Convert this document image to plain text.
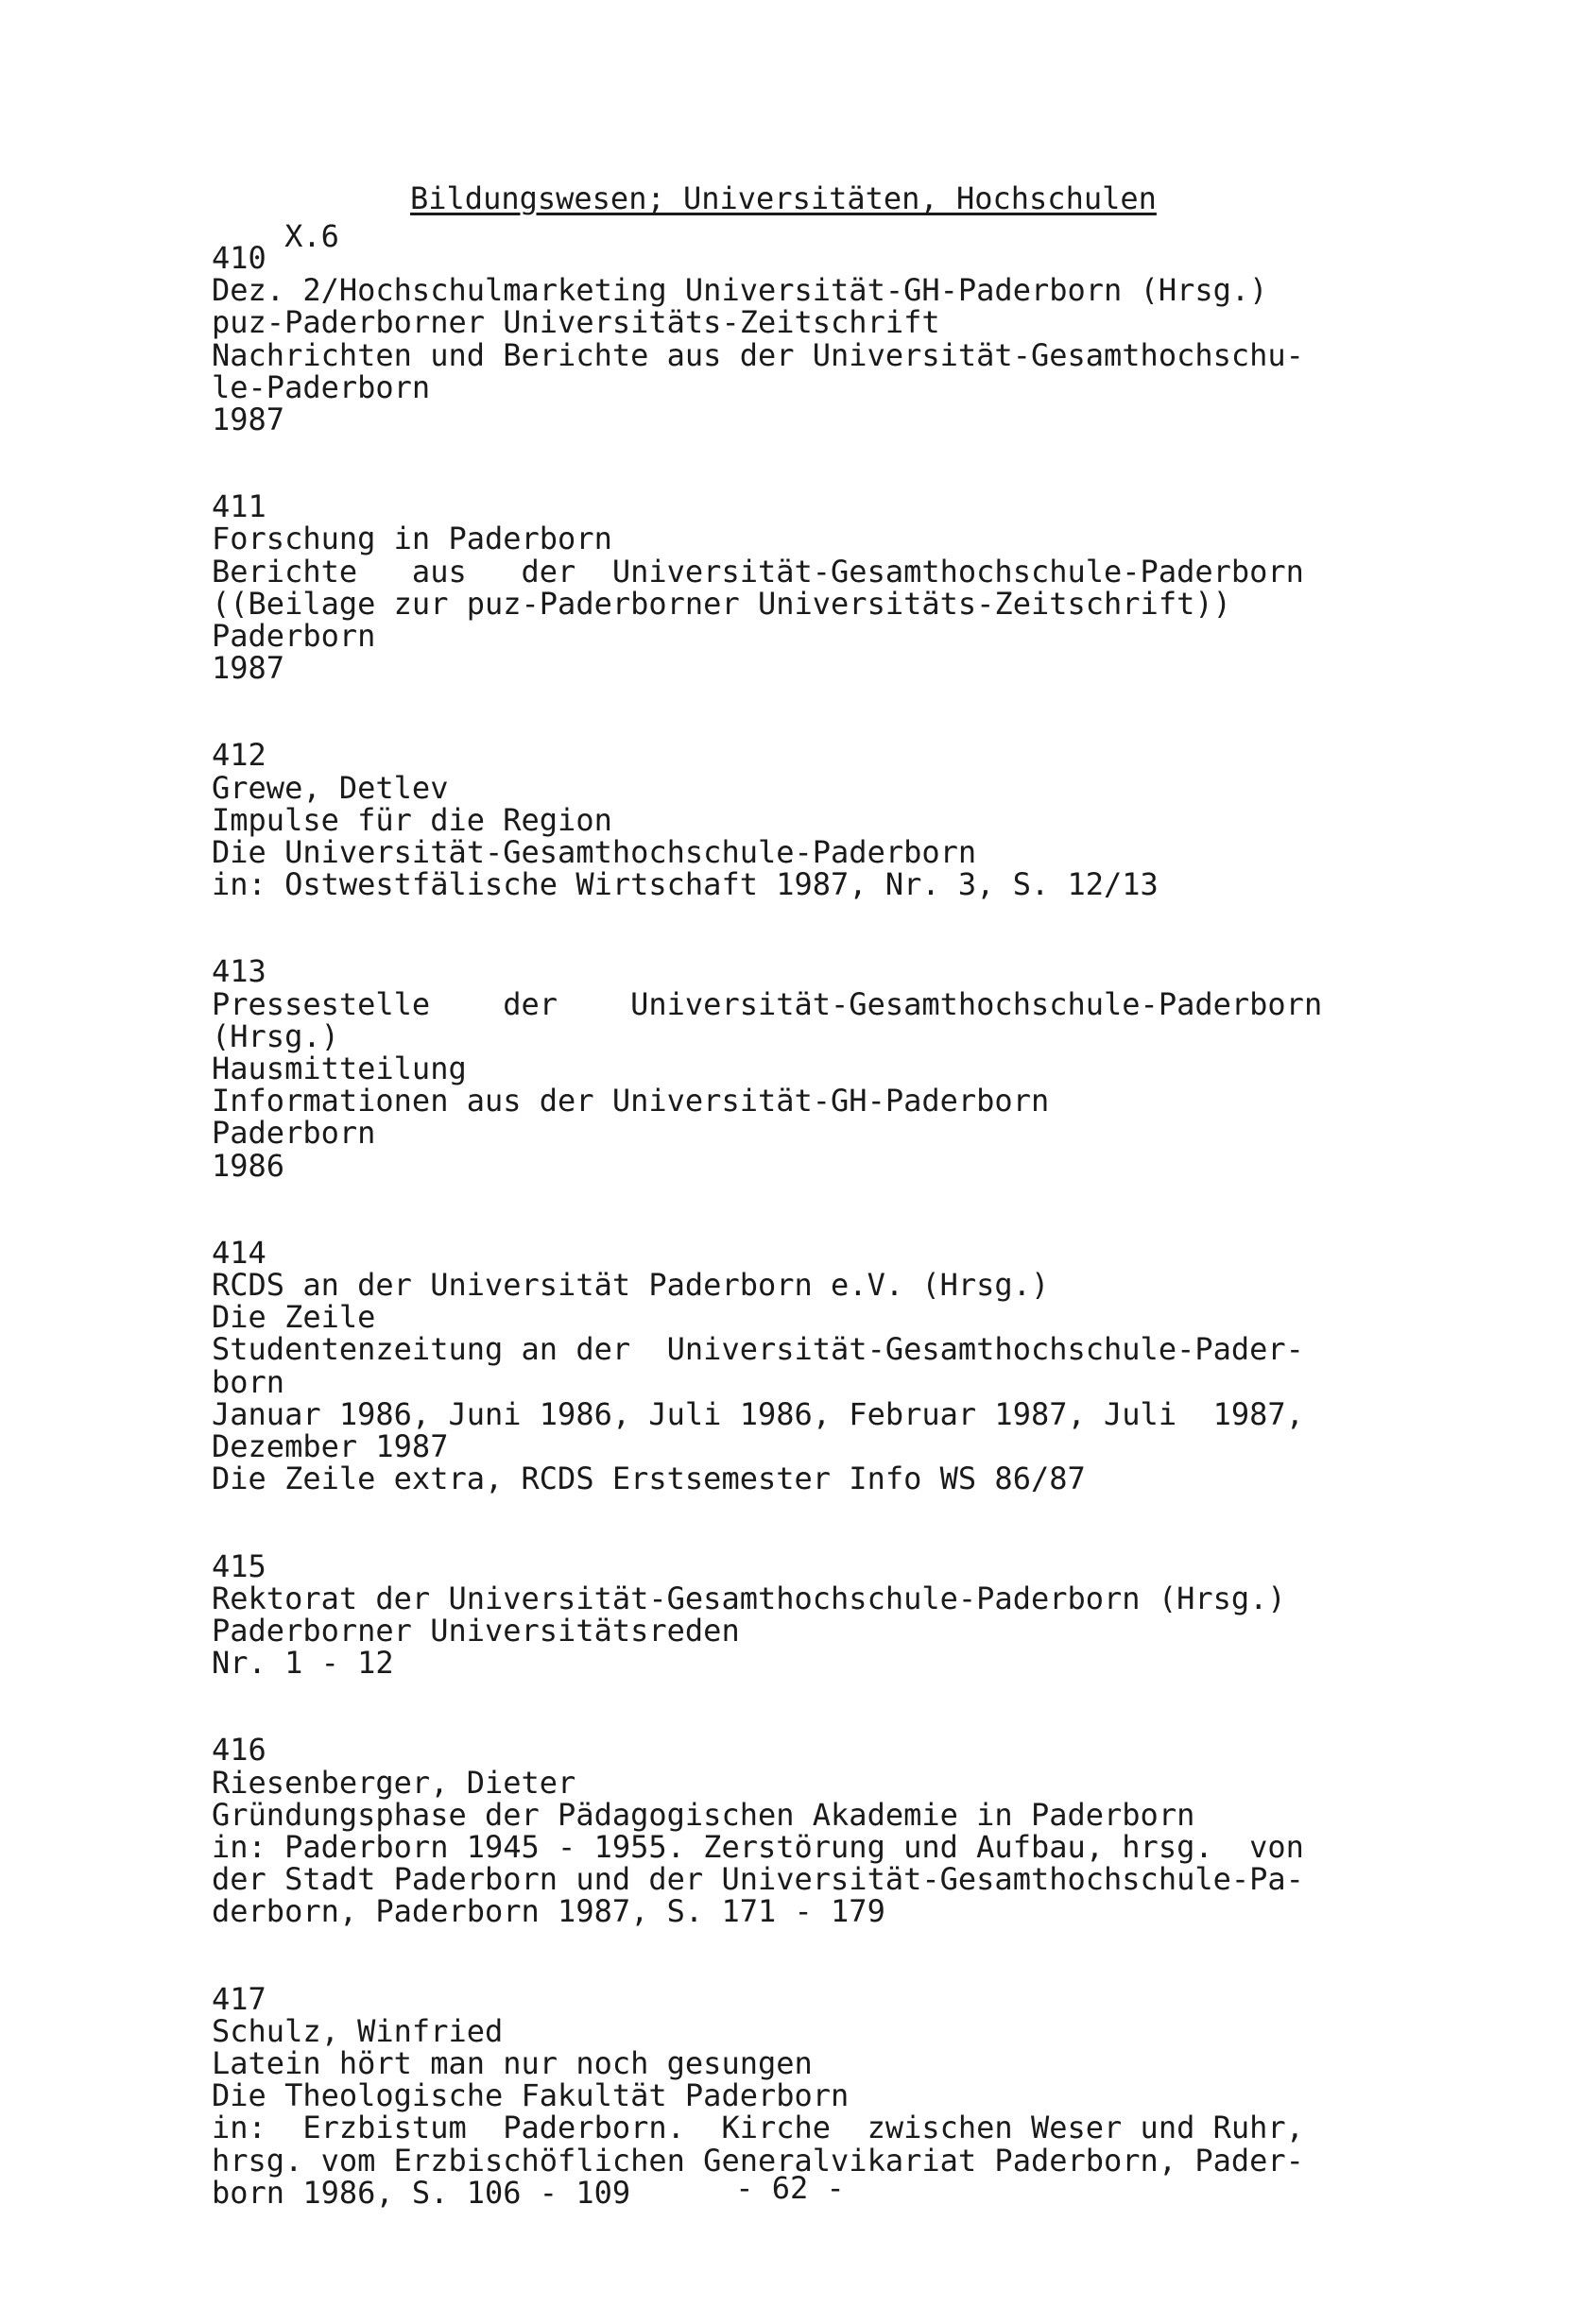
X.6

Bildungswesen; Universitäten, Hochschulen

410
Dez. 2/Hochschulmarketing Universität-GH-Paderborn (Hrsg.)
puz-Paderborner Universitäts-Zeitschrift
Nachrichten und Berichte aus der Universität-Gesamthochschu-
le-Paderborn
1987
411
Forschung in Paderborn
Berichte   aus   der  Universität-Gesamthochschule-Paderborn
((Beilage zur puz-Paderborner Universitäts-Zeitschrift))
Paderborn
1987
412
Grewe, Detlev
Impulse für die Region
Die Universität-Gesamthochschule-Paderborn
in: Ostwestfälische Wirtschaft 1987, Nr. 3, S. 12/13
413
Pressestelle    der    Universität-Gesamthochschule-Paderborn
(Hrsg.)
Hausmitteilung
Informationen aus der Universität-GH-Paderborn
Paderborn
1986
414
RCDS an der Universität Paderborn e.V. (Hrsg.)
Die Zeile
Studentenzeitung an der  Universität-Gesamthochschule-Pader-
born
Januar 1986, Juni 1986, Juli 1986, Februar 1987, Juli  1987,
Dezember 1987
Die Zeile extra, RCDS Erstsemester Info WS 86/87
415
Rektorat der Universität-Gesamthochschule-Paderborn (Hrsg.)
Paderborner Universitätsreden
Nr. 1 - 12
416
Riesenberger, Dieter
Gründungsphase der Pädagogischen Akademie in Paderborn
in: Paderborn 1945 - 1955. Zerstörung und Aufbau, hrsg.  von
der Stadt Paderborn und der Universität-Gesamthochschule-Pa-
derborn, Paderborn 1987, S. 171 - 179
417
Schulz, Winfried
Latein hört man nur noch gesungen
Die Theologische Fakultät Paderborn
in:  Erzbistum  Paderborn.  Kirche  zwischen Weser und Ruhr,
hrsg. vom Erzbischöflichen Generalvikariat Paderborn, Pader-
born 1986, S. 106 - 109	- 62 -
